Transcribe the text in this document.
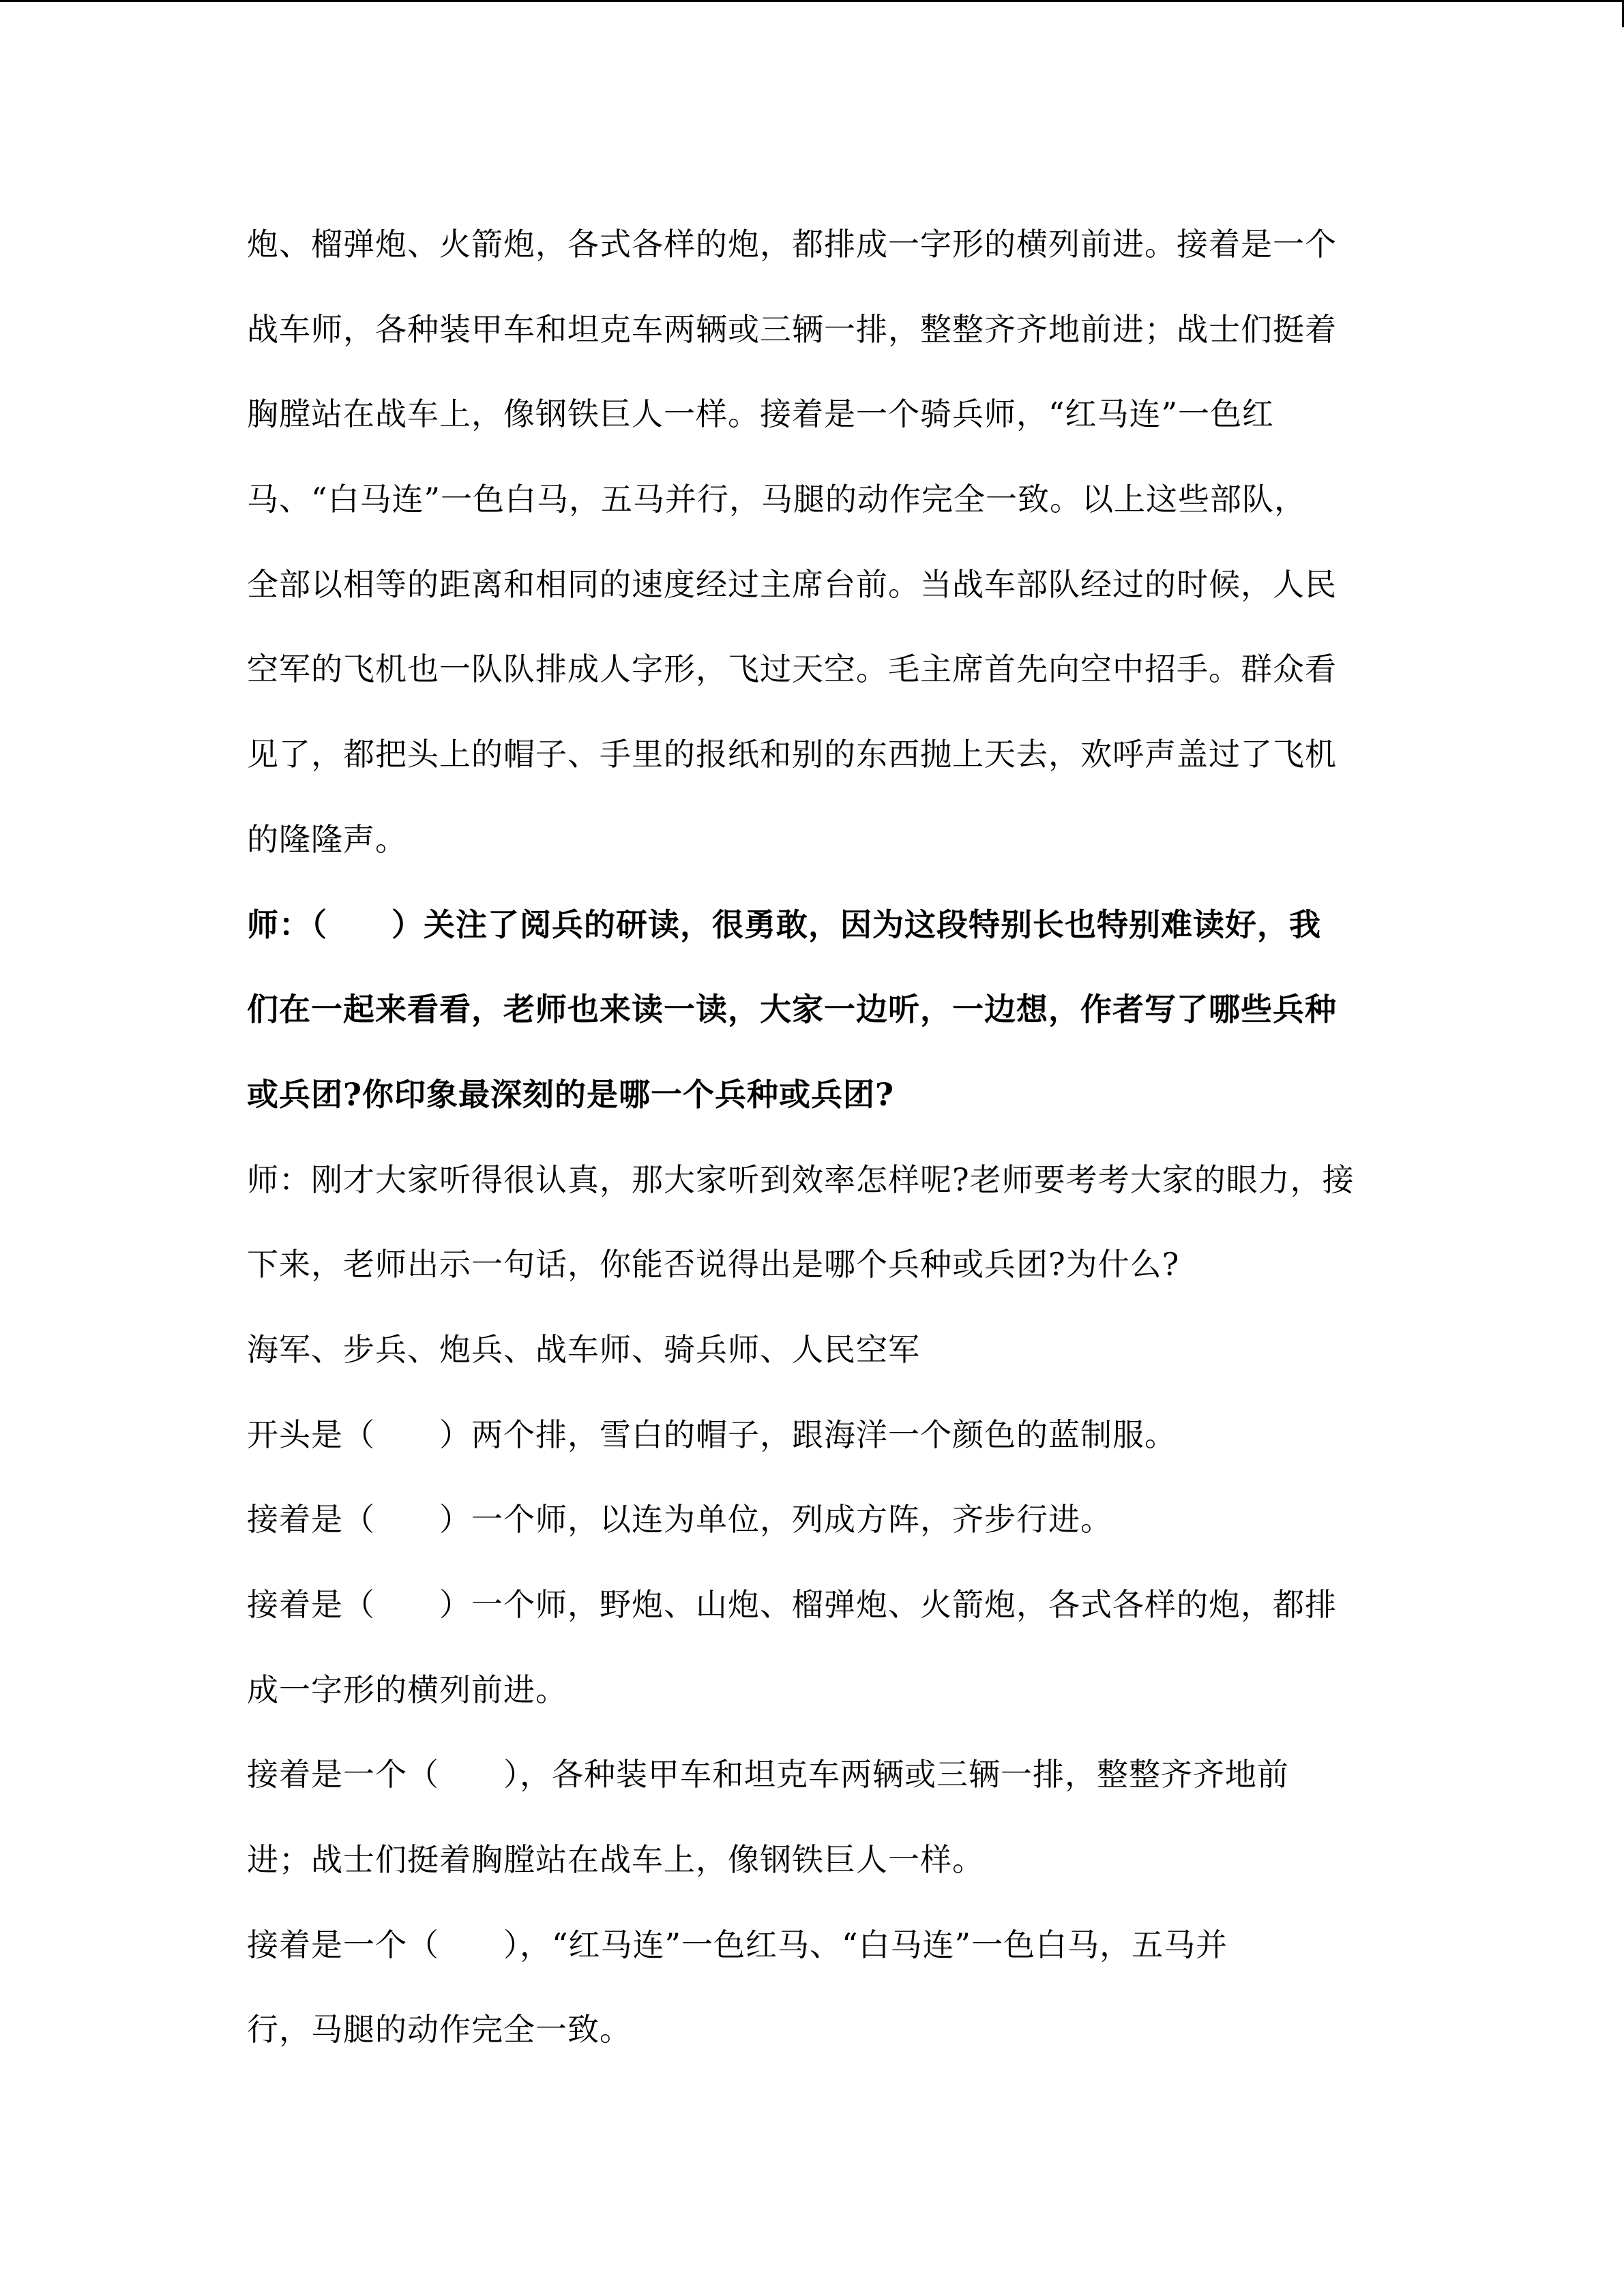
炮、榴弹炮、火箭炮，各式各样的炮，都排成一字形的横列前进。接着是一个
战车师，各种装甲车和坦克车两辆或三辆一排，整整齐齐地前进；战士们挺着
胸膛站在战车上，像钢铁巨人一样。接着是一个骑兵师，“红马连”一色红
马、“白马连”一色白马，五马并行，马腿的动作完全一致。以上这些部队，
全部以相等的距离和相同的速度经过主席台前。当战车部队经过的时候，人民
空军的飞机也一队队排成人字形，飞过天空。毛主席首先向空中招手。群众看
见了，都把头上的帽子、手里的报纸和别的东西抛上天去，欢呼声盖过了飞机
的隆隆声。
师：（　　）关注了阅兵的研读，很勇敢，因为这段特别长也特别难读好，我
们在一起来看看，老师也来读一读，大家一边听，一边想，作者写了哪些兵种
或兵团?你印象最深刻的是哪一个兵种或兵团?
师：刚才大家听得很认真，那大家听到效率怎样呢?老师要考考大家的眼力，接
下来，老师出示一句话，你能否说得出是哪个兵种或兵团?为什么?
海军、步兵、炮兵、战车师、骑兵师、人民空军
开头是（　　）两个排，雪白的帽子，跟海洋一个颜色的蓝制服。
接着是（　　）一个师，以连为单位，列成方阵，齐步行进。
接着是（　　）一个师，野炮、山炮、榴弹炮、火箭炮，各式各样的炮，都排
成一字形的横列前进。
接着是一个（　　），各种装甲车和坦克车两辆或三辆一排，整整齐齐地前
进；战士们挺着胸膛站在战车上，像钢铁巨人一样。
接着是一个（　　），“红马连”一色红马、“白马连”一色白马，五马并
行，马腿的动作完全一致。
